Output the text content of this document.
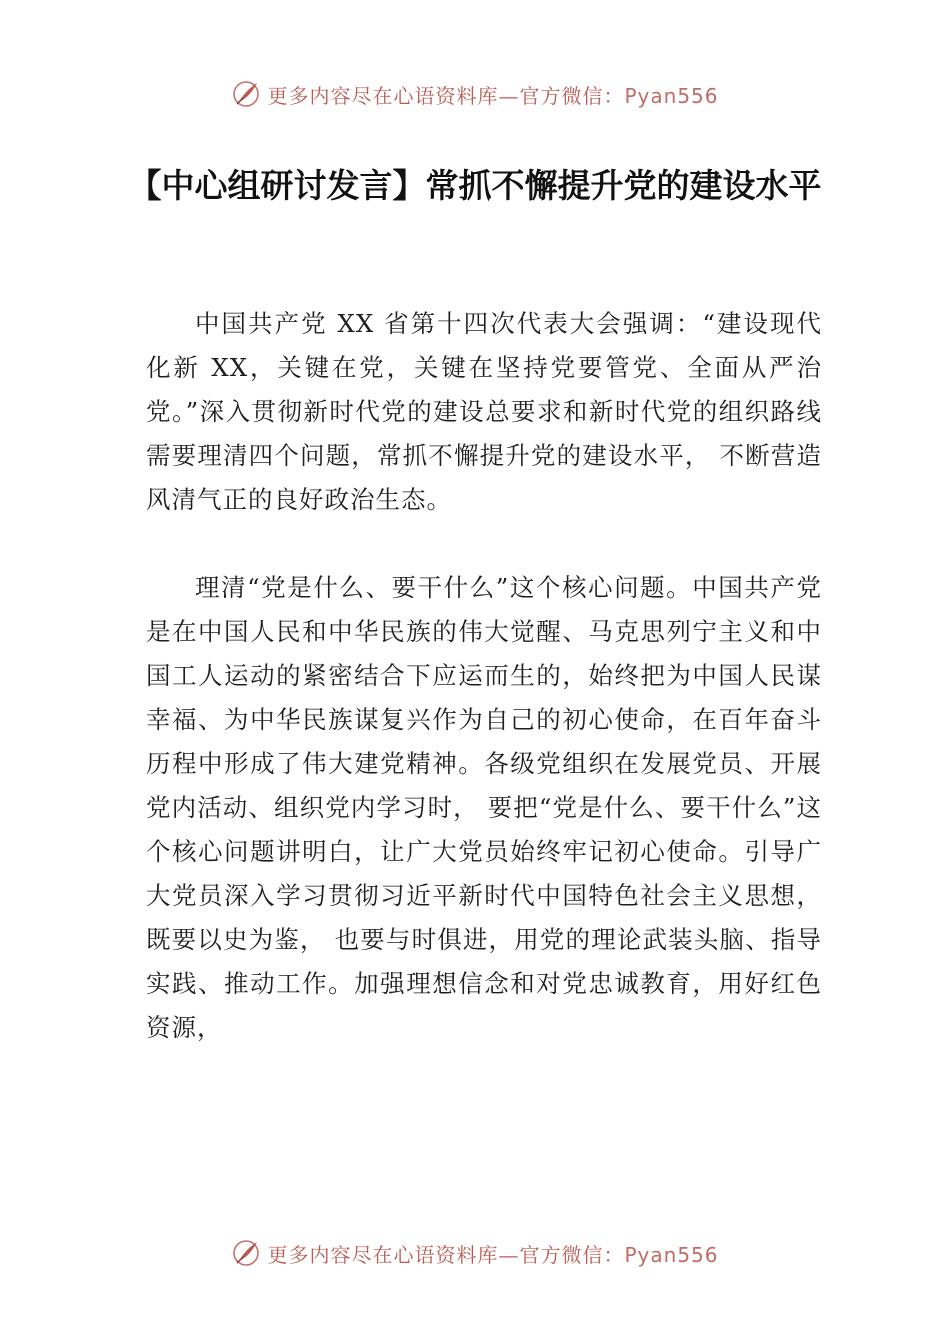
更多内容尽在心语资料库—官方微信：Pyan556
【中心组研讨发言】常抓不懈提升党的建设水平

中国共产党 XX 省第十四次代表大会强调：“建设现代化新 XX，关键在党，关键在坚持党要管党、全面从严治党。”深入贯彻新时代党的建设总要求和新时代党的组织路线需要理清四个问题，常抓不懈提升党的建设水平， 不断营造风清气正的良好政治生态。

理清“党是什么、要干什么”这个核心问题。中国共产党是在中国人民和中华民族的伟大觉醒、马克思列宁主义和中国工人运动的紧密结合下应运而生的，始终把为中国人民谋幸福、为中华民族谋复兴作为自己的初心使命，在百年奋斗历程中形成了伟大建党精神。各级党组织在发展党员、开展党内活动、组织党内学习时， 要把“党是什么、要干什么”这个核心问题讲明白，让广大党员始终牢记初心使命。引导广大党员深入学习贯彻习近平新时代中国特色社会主义思想，既要以史为鉴， 也要与时俱进，用党的理论武装头脑、指导实践、推动工作。加强理想信念和对党忠诚教育，用好红色资源，

更多内容尽在心语资料库—官方微信：Pyan556
